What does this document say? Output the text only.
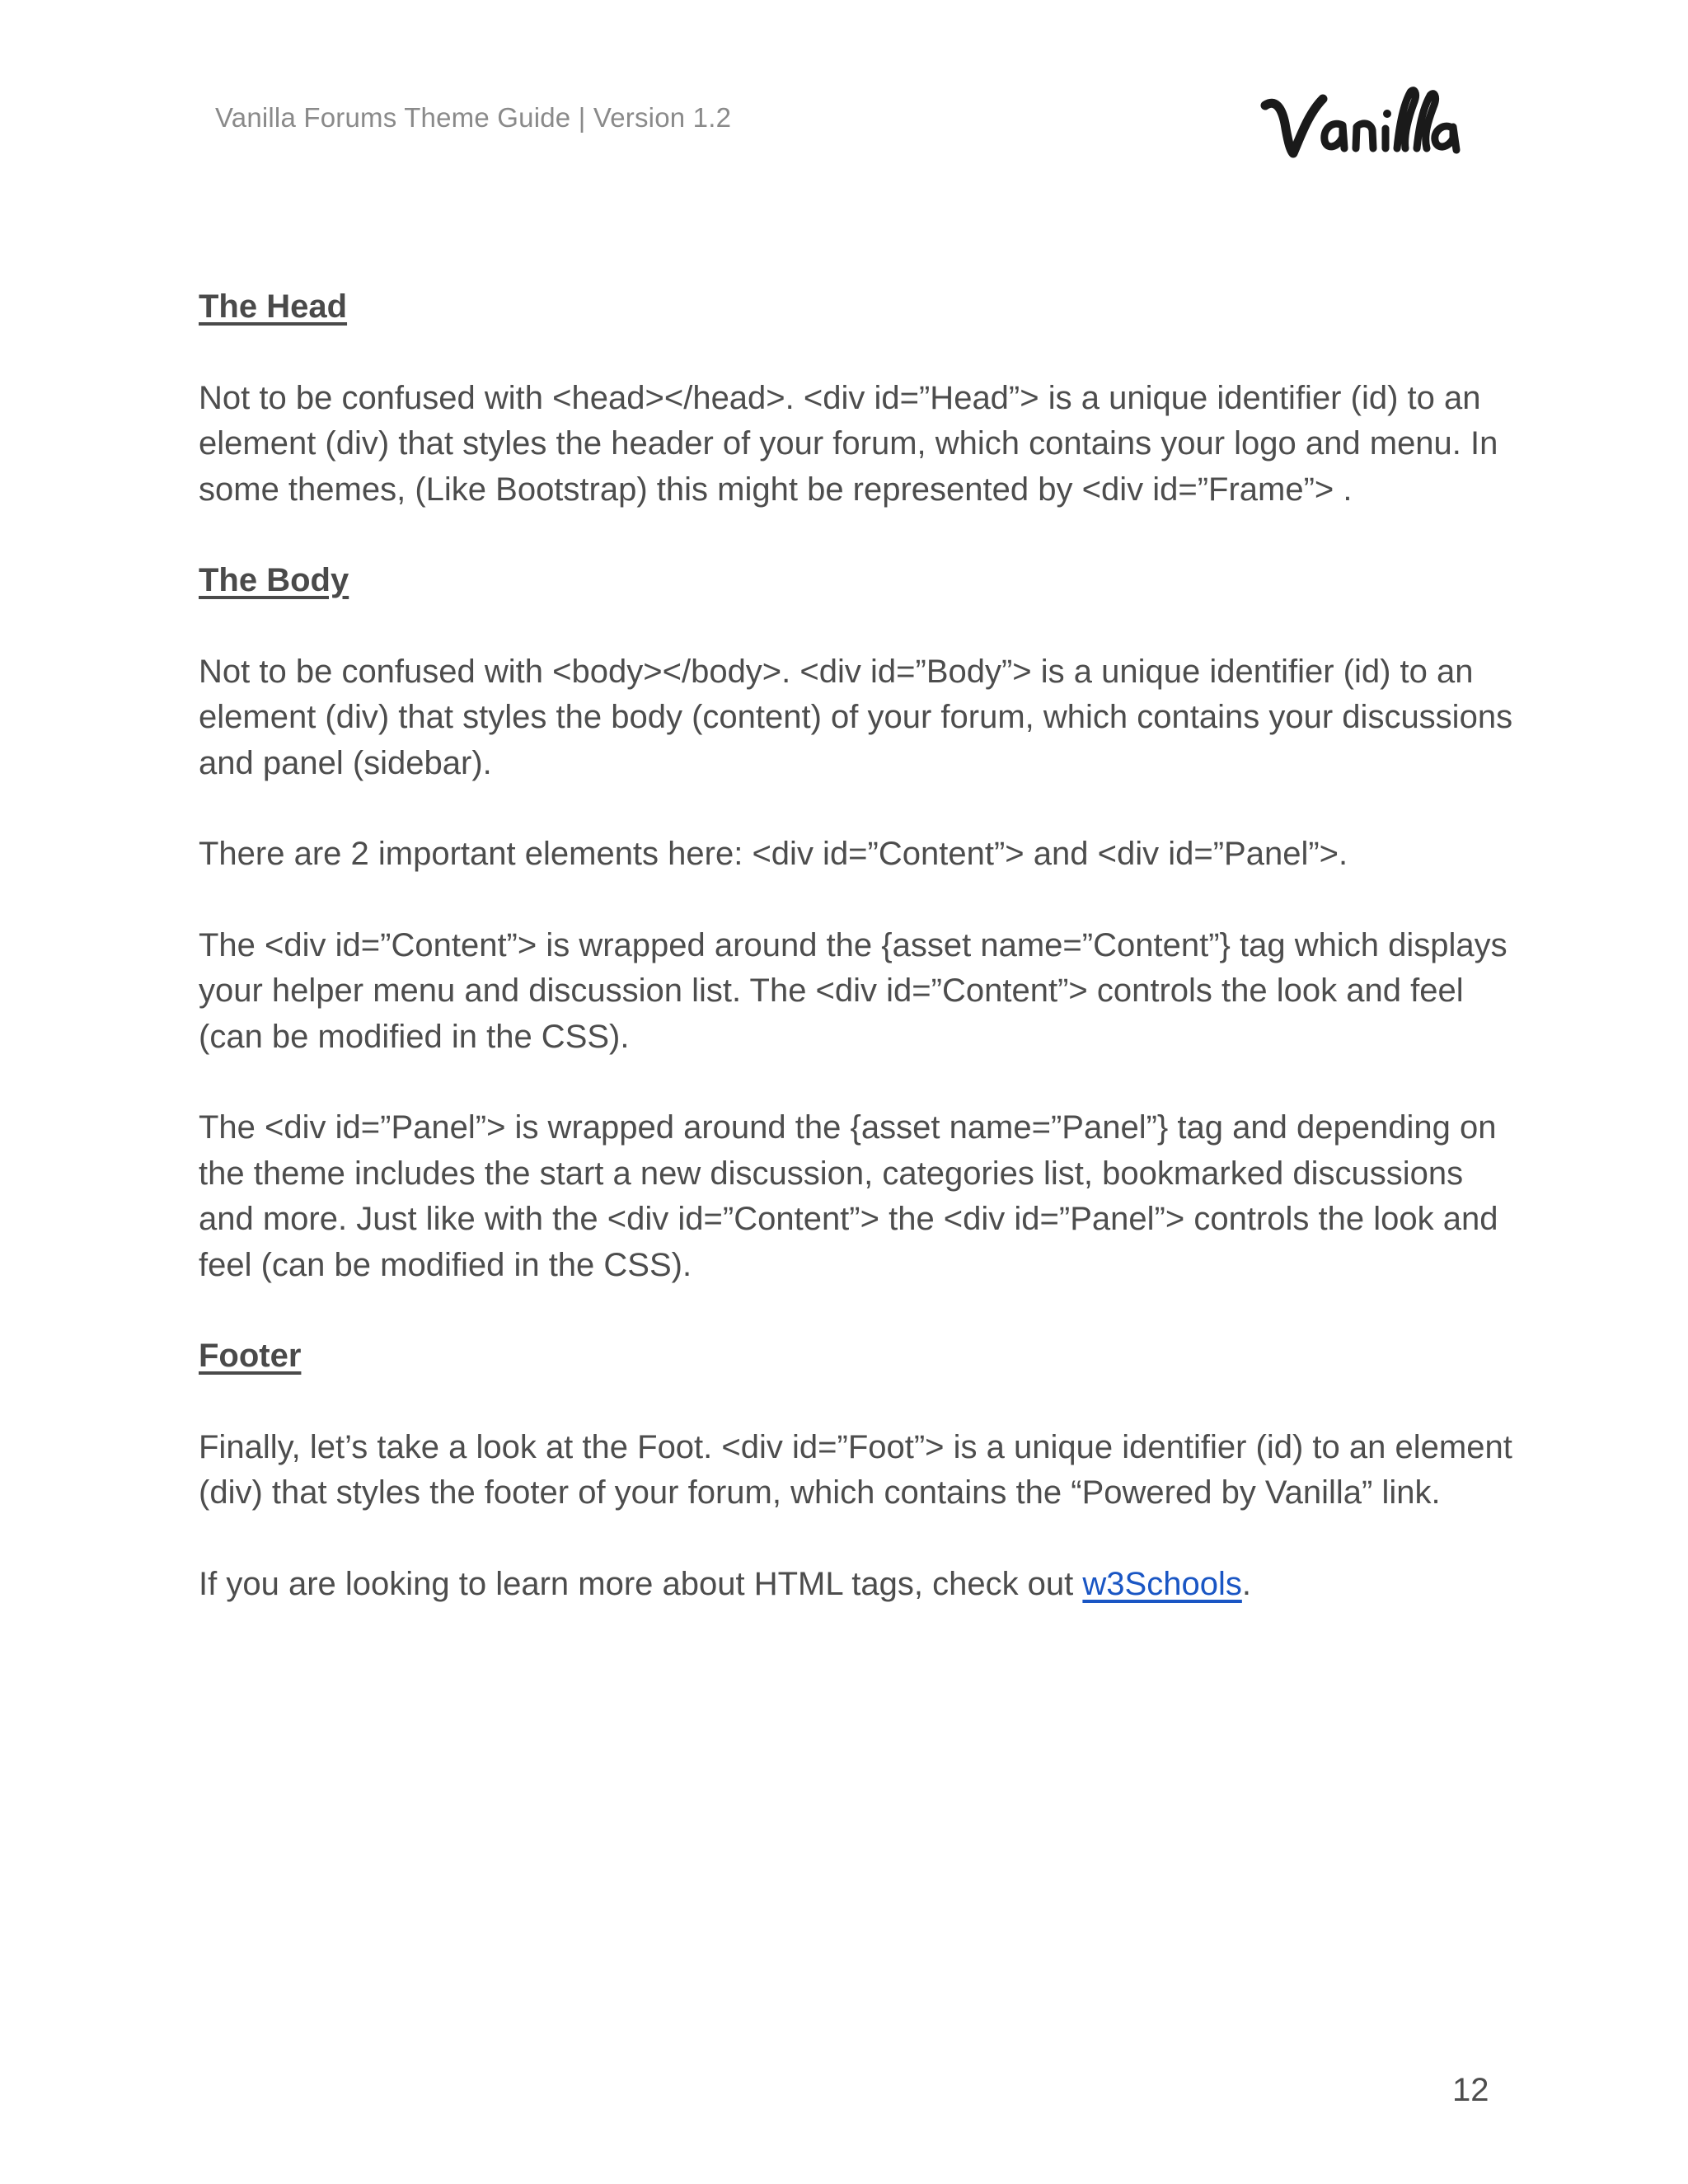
Vanilla Forums Theme Guide | Version 1.2
The Head

Not to be confused with <head></head>. <div id=”Head”> is a unique identifier (id) to an element (div) that styles the header of your forum, which contains your logo and menu. In some themes, (Like Bootstrap) this might be represented by <div id=”Frame”> .

The Body

Not to be confused with <body></body>. <div id=”Body”> is a unique identifier (id) to an element (div) that styles the body (content) of your forum, which contains your discussions and panel (sidebar).

There are 2 important elements here: <div id=”Content”> and <div id=”Panel”>.

The <div id=”Content”> is wrapped around the {asset name=”Content”} tag which displays your helper menu and discussion list. The <div id=”Content”> controls the look and feel (can be modified in the CSS).

The <div id=”Panel”> is wrapped around the {asset name=”Panel”} tag and depending on the theme includes the start a new discussion, categories list, bookmarked discussions and more. Just like with the <div id=”Content”> the <div id=”Panel”> controls the look and feel (can be modified in the CSS).

Footer

Finally, let’s take a look at the Foot. <div id=”Foot”> is a unique identifier (id) to an element (div) that styles the footer of your forum, which contains the “Powered by Vanilla” link.

If you are looking to learn more about HTML tags, check out w3Schools.

12
